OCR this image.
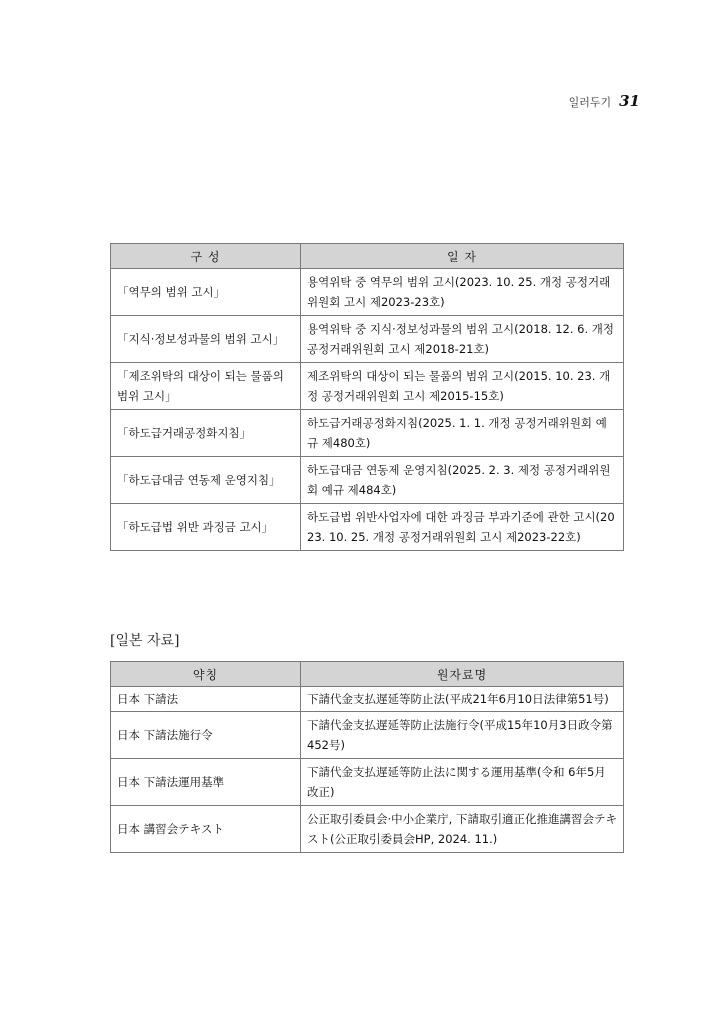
일러두기 31
구 성	일 자
「역무의 범위 고시」	용역위탁 중 역무의 범위 고시(2023. 10. 25. 개정 공정거래위원회 고시 제2023-23호)
「지식·정보성과물의 범위 고시」	용역위탁 중 지식·정보성과물의 범위 고시(2018. 12. 6. 개정 공정거래위원회 고시 제2018-21호)
「제조위탁의 대상이 되는 물품의 범위 고시」	제조위탁의 대상이 되는 물품의 범위 고시(2015. 10. 23. 개정 공정거래위원회 고시 제2015-15호)
「하도급거래공정화지침」	하도급거래공정화지침(2025. 1. 1. 개정 공정거래위원회 예규 제480호)
「하도급대금 연동제 운영지침」	하도급대금 연동제 운영지침(2025. 2. 3. 제정 공정거래위원회 예규 제484호)
「하도급법 위반 과징금 고시」	하도급법 위반사업자에 대한 과징금 부과기준에 관한 고시(2023. 10. 25. 개정 공정거래위원회 고시 제2023-22호)
[일본 자료]
약칭	원자료명
日本 下請法	下請代金支払遅延等防止法(平成21年6月10日法律第51号)
日本 下請法施行令	下請代金支払遅延等防止法施行令(平成15年10月3日政令第452号)
日本 下請法運用基準	下請代金支払遅延等防止法に関する運用基準(令和 6年5月 改正)
日本 講習会テキスト	公正取引委員会·中小企業庁, 下請取引適正化推進講習会テキスト(公正取引委員会HP, 2024. 11.)
